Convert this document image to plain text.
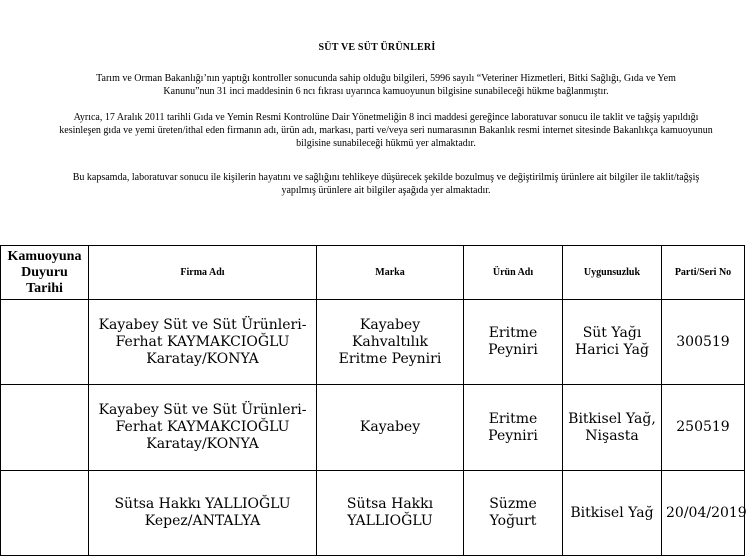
SÜT VE SÜT ÜRÜNLERİ
Tarım ve Orman Bakanlığı’nın yaptığı kontroller sonucunda sahip olduğu bilgileri, 5996 sayılı “Veteriner Hizmetleri, Bitki Sağlığı, Gıda ve Yem
Kanunu”nun 31 inci maddesinin 6 ncı fıkrası uyarınca kamuoyunun bilgisine sunabileceği hükme bağlanmıştır.
Ayrıca, 17 Aralık 2011 tarihli Gıda ve Yemin Resmi Kontrolüne Dair Yönetmeliğin 8 inci maddesi gereğince laboratuvar sonucu ile taklit ve tağşiş yapıldığı
kesinleşen gıda ve yemi üreten/ithal eden firmanın adı, ürün adı, markası, parti ve/veya seri numarasının Bakanlık resmi internet sitesinde Bakanlıkça kamuoyunun
bilgisine sunabileceği hükmü yer almaktadır.
Bu kapsamda, laboratuvar sonucu ile kişilerin hayatını ve sağlığını tehlikeye düşürecek şekilde bozulmuş ve değiştirilmiş ürünlere ait bilgiler ile taklit/tağşiş
yapılmış ürünlere ait bilgiler aşağıda yer almaktadır.
Kamuoyuna
Duyuru
Tarihi	Firma Adı	Marka	Ürün Adı	Uygunsuzluk	Parti/Seri No

	Kayabey Süt ve Süt Ürünleri-
Ferhat KAYMAKCIOĞLU
Karatay/KONYA	Kayabey Kahvaltılık
Eritme Peyniri	Eritme Peyniri	Süt Yağı
Harici Yağ	300519

	Kayabey Süt ve Süt Ürünleri-
Ferhat KAYMAKCIOĞLU
Karatay/KONYA	Kayabey	Eritme Peyniri	Bitkisel Yağ,
Nişasta	250519

	Sütsa Hakkı YALLIOĞLU
Kepez/ANTALYA	Sütsa Hakkı
YALLIOĞLU	Süzme Yoğurt	Bitkisel Yağ	20/04/2019
